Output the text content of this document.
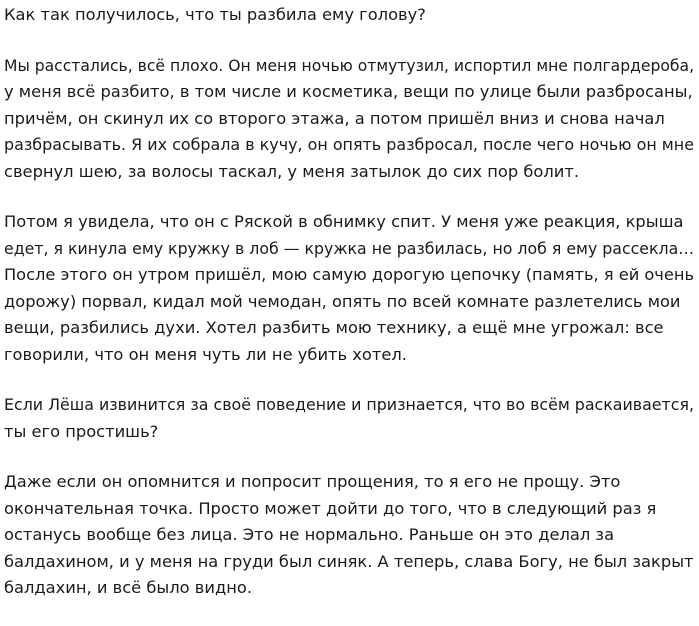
Как так получилось, что ты разбила ему голову?

Мы расстались, всё плохо. Он меня ночью отмутузил, испортил мне полгардероба,
у меня всё разбито, в том числе и косметика, вещи по улице были разбросаны,
причём, он скинул их со второго этажа, а потом пришёл вниз и снова начал
разбрасывать. Я их собрала в кучу, он опять разбросал, после чего ночью он мне
свернул шею, за волосы таскал, у меня затылок до сих пор болит.

Потом я увидела, что он с Ряской в обнимку спит. У меня уже реакция, крыша
едет, я кинула ему кружку в лоб — кружка не разбилась, но лоб я ему рассекла…
После этого он утром пришёл, мою самую дорогую цепочку (память, я ей очень
дорожу) порвал, кидал мой чемодан, опять по всей комнате разлетелись мои
вещи, разбились духи. Хотел разбить мою технику, а ещё мне угрожал: все
говорили, что он меня чуть ли не убить хотел.

Если Лёша извинится за своё поведение и признается, что во всём раскаивается,
ты его простишь?

Даже если он опомнится и попросит прощения, то я его не прощу. Это
окончательная точка. Просто может дойти до того, что в следующий раз я
останусь вообще без лица. Это не нормально. Раньше он это делал за
балдахином, и у меня на груди был синяк. А теперь, слава Богу, не был закрыт
балдахин, и всё было видно.
